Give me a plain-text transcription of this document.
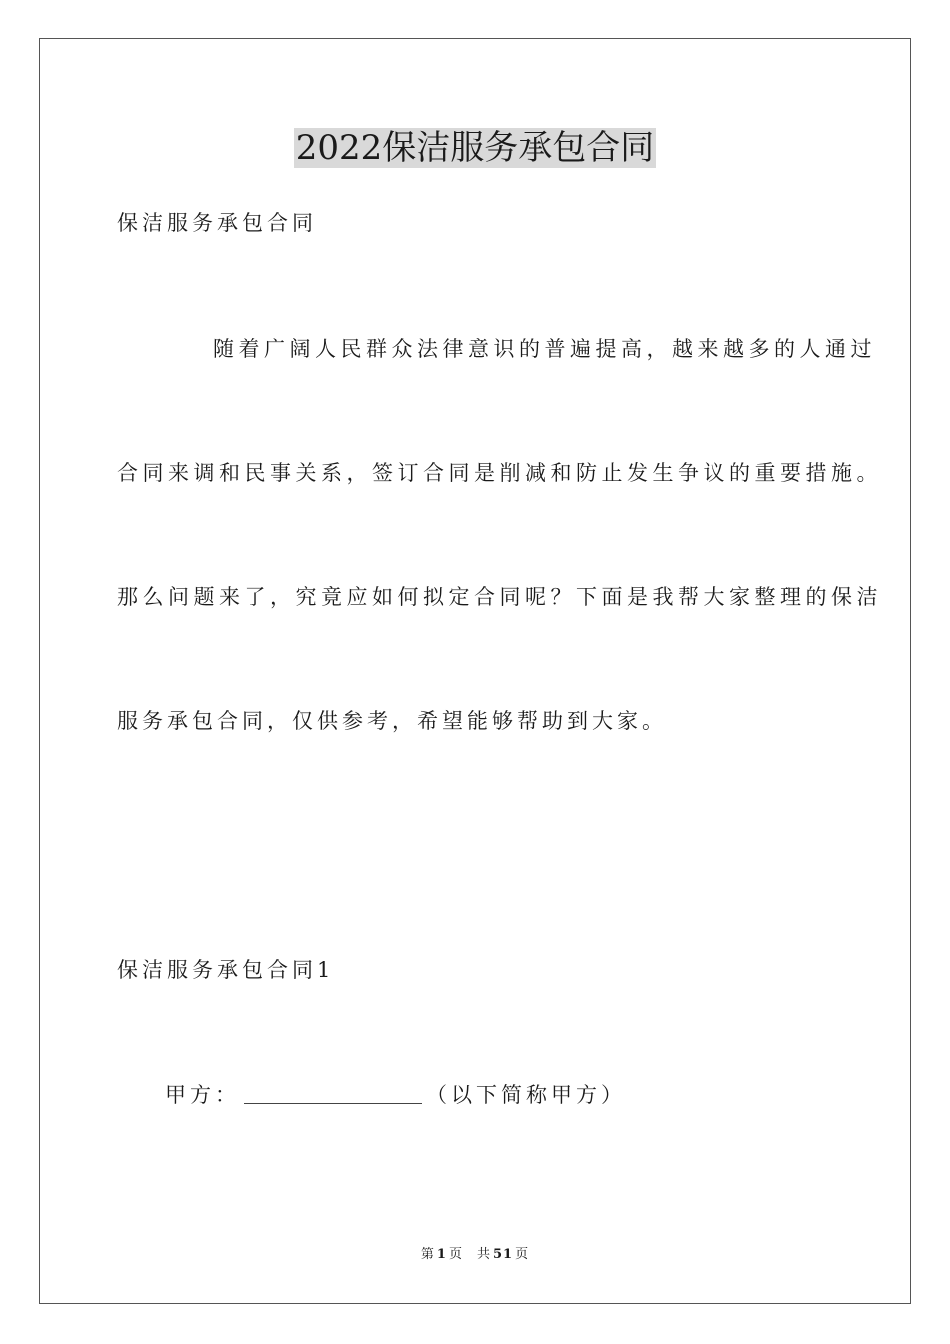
2022保洁服务承包合同
保洁服务承包合同
随着广阔人民群众法律意识的普遍提高，越来越多的人通过
合同来调和民事关系，签订合同是削减和防止发生争议的重要措施。
那么问题来了，究竟应如何拟定合同呢？下面是我帮大家整理的保洁
服务承包合同，仅供参考，希望能够帮助到大家。
保洁服务承包合同1
甲方：	（以下简称甲方）
第 1 页 共 51 页
